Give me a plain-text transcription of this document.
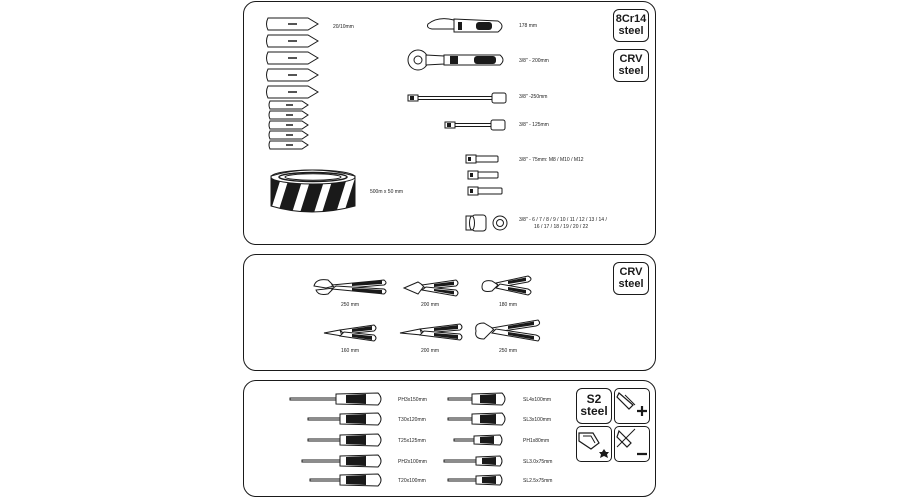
20/10mm	178 mm
3/8" - 200mm
3/8" -250mm
3/8" - 125mm
3/8" - 75mm: M8 / M10 / M12
500m x 50 mm
3/8" - 6 / 7 / 8 / 9 / 10 / 11 / 12 / 13 / 14 /
16 / 17 / 18 / 19 / 20 / 22
8Cr14
steel
CRV
steel
250 mm	200 mm	180 mm
160 mm	200 mm	250 mm
CRV
steel
PH3x150mm
T30x120mm
T25x125mm
PH2x100mm
T20x100mm
SL4x100mm
SL3x100mm
PH1x80mm
SL3.0x75mm
SL2.5x75mm
S2
steel
